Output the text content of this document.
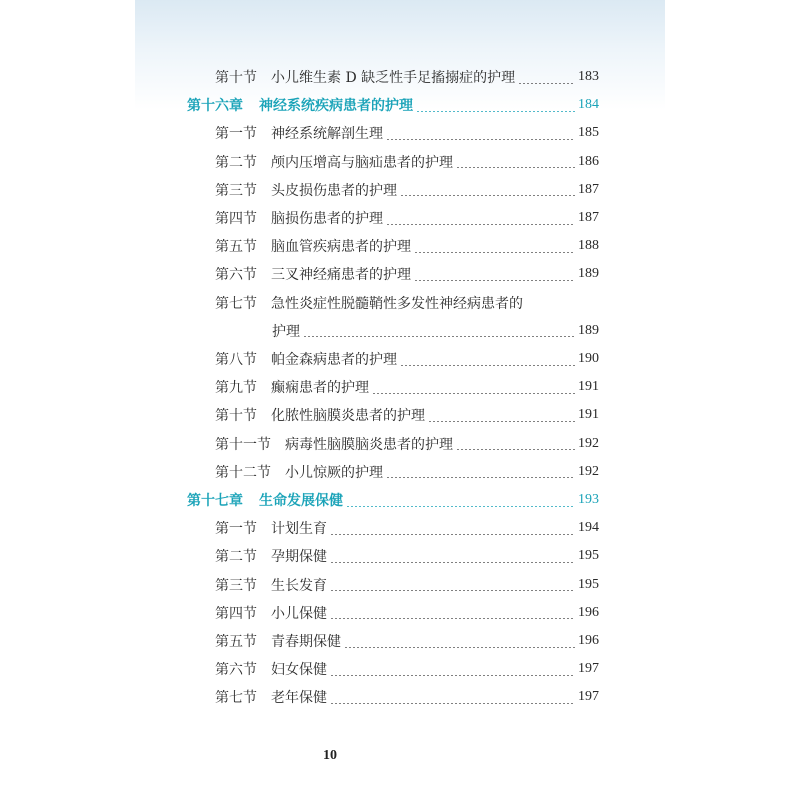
第十节 小儿维生素 D 缺乏性手足搐搦症的护理	183
第十六章 神经系统疾病患者的护理	184
第一节 神经系统解剖生理	185
第二节 颅内压增高与脑疝患者的护理	186
第三节 头皮损伤患者的护理	187
第四节 脑损伤患者的护理	187
第五节 脑血管疾病患者的护理	188
第六节 三叉神经痛患者的护理	189
第七节 急性炎症性脱髓鞘性多发性神经病患者的
护理	189
第八节 帕金森病患者的护理	190
第九节 癫痫患者的护理	191
第十节 化脓性脑膜炎患者的护理	191
第十一节 病毒性脑膜脑炎患者的护理	192
第十二节 小儿惊厥的护理	192
第十七章 生命发展保健	193
第一节 计划生育	194
第二节 孕期保健	195
第三节 生长发育	195
第四节 小儿保健	196
第五节 青春期保健	196
第六节 妇女保健	197
第七节 老年保健	197
10
